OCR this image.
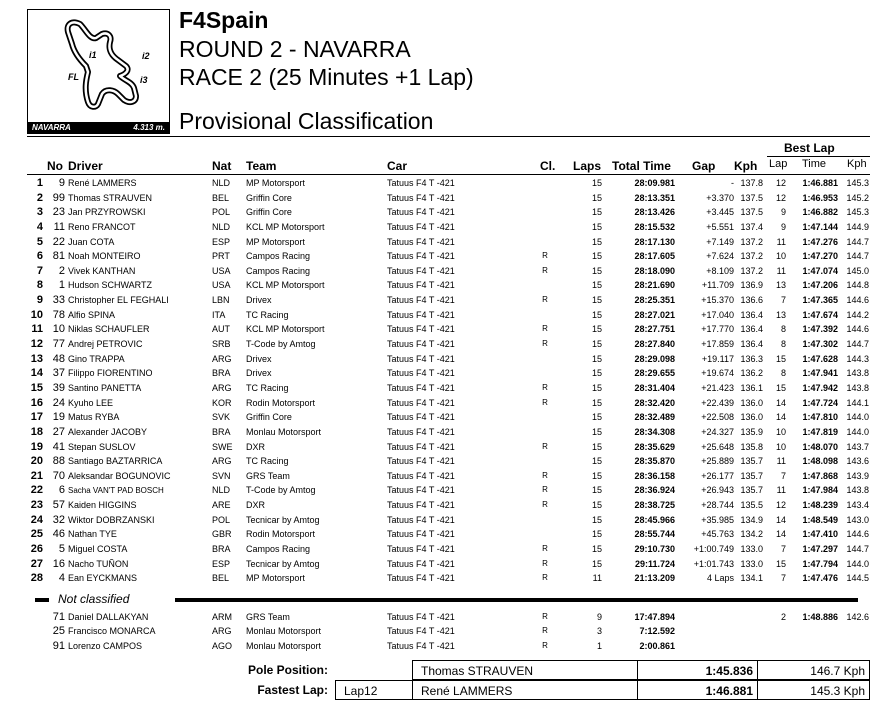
i1	i2
i3
FL
NAVARRA	4.313 m.
F4Spain
ROUND 2 - NAVARRA
RACE 2 (25 Minutes +1 Lap)
Provisional Classification
Best Lap
No Driver	Nat Team	Car	Cl. Laps Total Time Gap Kph Lap Time Kph
1	9 René LAMMERS	NLD MP Motorsport	Tatuus F4 T -421	15	28:09.981	- 137.8	12	1:46.881 145.3
2 99 Thomas STRAUVEN	BEL Griffin Core	Tatuus F4 T -421	15	28:13.351	+3.370 137.5	12	1:46.953 145.2
3 23 Jan PRZYROWSKI	POL Griffin Core	Tatuus F4 T -421	15	28:13.426	+3.445 137.5	9	1:46.882 145.3
4 11 Reno FRANCOT	NLD KCL MP Motorsport	Tatuus F4 T -421	15	28:15.532	+5.551 137.4	9	1:47.144 144.9
5 22 Juan COTA	ESP MP Motorsport	Tatuus F4 T -421	15	28:17.130	+7.149 137.2	11	1:47.276 144.7
6 81 Noah MONTEIRO	PRT Campos Racing	Tatuus F4 T -421	R	15	28:17.605	+7.624 137.2	10	1:47.270 144.7
7	2 Vivek KANTHAN	USA Campos Racing	Tatuus F4 T -421	R	15	28:18.090	+8.109 137.2	11	1:47.074 145.0
8	1 Hudson SCHWARTZ	USA KCL MP Motorsport	Tatuus F4 T -421	15	28:21.690	+11.709 136.9	13	1:47.206 144.8
9 33 Christopher EL FEGHALI	LBN Drivex	Tatuus F4 T -421	R	15	28:25.351	+15.370 136.6	7	1:47.365 144.6
10 78 Alfio SPINA	ITA TC Racing	Tatuus F4 T -421	15	28:27.021	+17.040 136.4	13	1:47.674 144.2
11 10 Niklas SCHAUFLER	AUT KCL MP Motorsport	Tatuus F4 T -421	R	15	28:27.751	+17.770 136.4	8	1:47.392 144.6
12 77 Andrej PETROVIC	SRB T-Code by Amtog	Tatuus F4 T -421	R	15	28:27.840	+17.859 136.4	8	1:47.302 144.7
13 48 Gino TRAPPA	ARG Drivex	Tatuus F4 T -421	15	28:29.098	+19.117 136.3	15	1:47.628 144.3
14 37 Filippo FIORENTINO	BRA Drivex	Tatuus F4 T -421	15	28:29.655	+19.674 136.2	8	1:47.941 143.8
15 39 Santino PANETTA	ARG TC Racing	Tatuus F4 T -421	R	15	28:31.404	+21.423 136.1	15	1:47.942 143.8
16 24 Kyuho LEE	KOR Rodin Motorsport	Tatuus F4 T -421	R	15	28:32.420	+22.439 136.0	14	1:47.724 144.1
17 19 Matus RYBA	SVK Griffin Core	Tatuus F4 T -421	15	28:32.489	+22.508 136.0	14	1:47.810 144.0
18 27 Alexander JACOBY	BRA Monlau Motorsport	Tatuus F4 T -421	15	28:34.308	+24.327 135.9	10	1:47.819 144.0
19 41 Stepan SUSLOV	SWE DXR	Tatuus F4 T -421	R	15	28:35.629	+25.648 135.8	10	1:48.070 143.7
20 88 Santiago BAZTARRICA	ARG TC Racing	Tatuus F4 T -421	15	28:35.870	+25.889 135.7	11	1:48.098 143.6
21 70 Aleksandar BOGUNOVIC	SVN GRS Team	Tatuus F4 T -421	R	15	28:36.158	+26.177 135.7	7	1:47.868 143.9
22	6 Sacha VAN'T PAD BOSCH	NLD T-Code by Amtog	Tatuus F4 T -421	R	15	28:36.924	+26.943 135.7	11	1:47.984 143.8
23 57 Kaiden HIGGINS	ARE DXR	Tatuus F4 T -421	R	15	28:38.725	+28.744 135.5	12	1:48.239 143.4
24 32 Wiktor DOBRZANSKI	POL Tecnicar by Amtog	Tatuus F4 T -421	15	28:45.966	+35.985 134.9	14	1:48.549 143.0
25 46 Nathan TYE	GBR Rodin Motorsport	Tatuus F4 T -421	15	28:55.744	+45.763 134.2	14	1:47.410 144.6
26	5 Miguel COSTA	BRA Campos Racing	Tatuus F4 T -421	R	15	29:10.730	+1:00.749 133.0	7	1:47.297 144.7
27 16 Nacho TUÑON	ESP Tecnicar by Amtog	Tatuus F4 T -421	R	15	29:11.724	+1:01.743 133.0	15	1:47.794 144.0
28	4 Ean EYCKMANS	BEL MP Motorsport	Tatuus F4 T -421	R	11	21:13.209	4 Laps 134.1	7	1:47.476 144.5
Not classified
71 Daniel DALLAKYAN	ARM GRS Team	Tatuus F4 T -421	R	9	17:47.894	2	1:48.886 142.6
25 Francisco MONARCA	ARG Monlau Motorsport	Tatuus F4 T -421	R	3	7:12.592
91 Lorenzo CAMPOS	AGO Monlau Motorsport	Tatuus F4 T -421	R	1	2:00.861
Pole Position:	Thomas STRAUVEN	1:45.836	146.7 Kph
Fastest Lap:	Lap12	René LAMMERS	1:46.881	145.3 Kph
